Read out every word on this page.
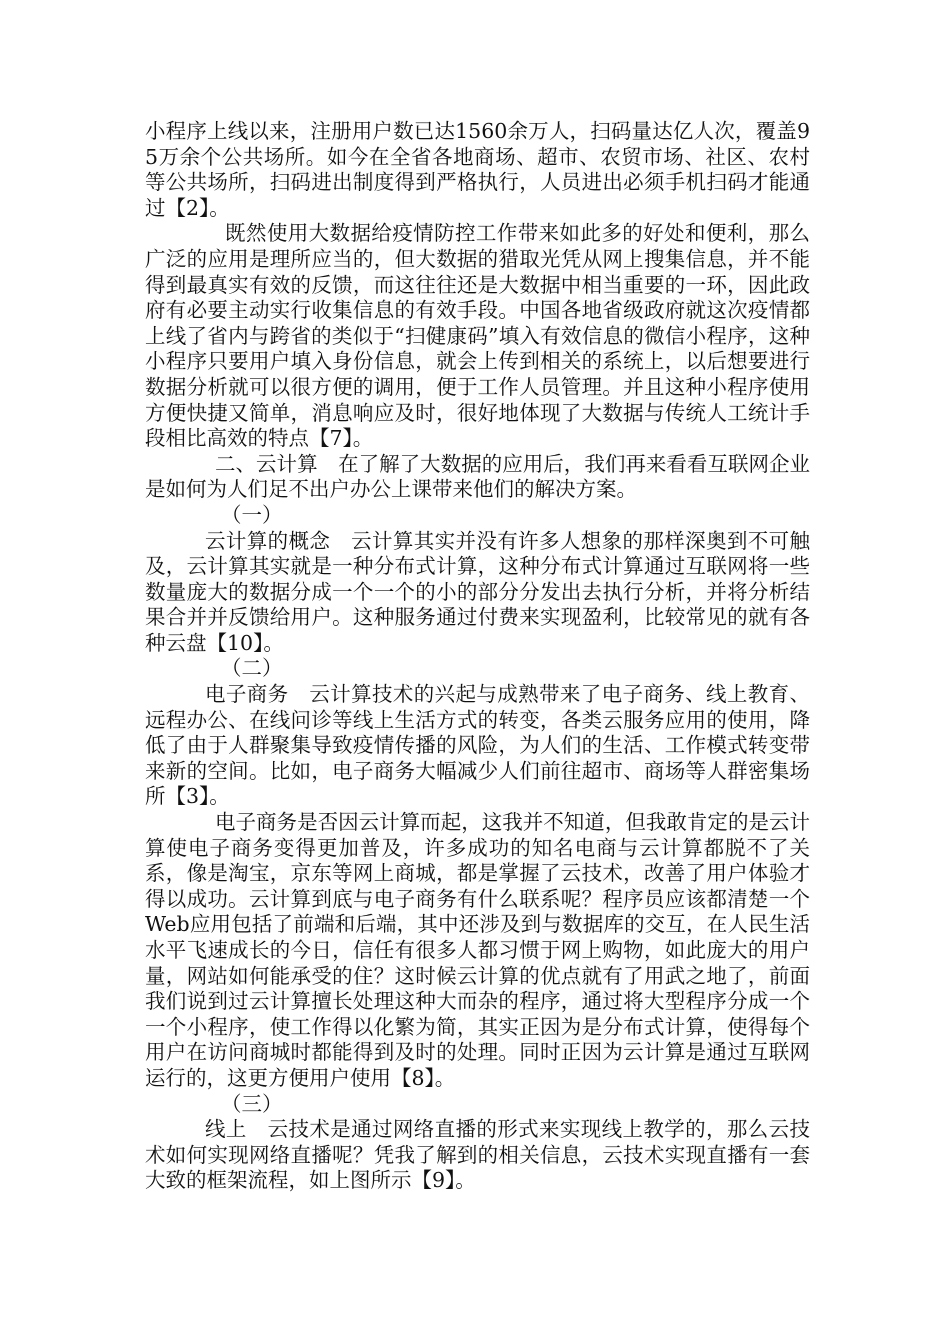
小程序上线以来，注册用户数已达1560余万人，扫码量达亿人次，覆盖95万余个公共场所。如今在全省各地商场、超市、农贸市场、社区、农村等公共场所，扫码进出制度得到严格执行，人员进出必须手机扫码才能通过【2】。

既然使用大数据给疫情防控工作带来如此多的好处和便利，那么广泛的应用是理所应当的，但大数据的猎取光凭从网上搜集信息，并不能得到最真实有效的反馈，而这往往还是大数据中相当重要的一环，因此政府有必要主动实行收集信息的有效手段。中国各地省级政府就这次疫情都上线了省内与跨省的类似于“扫健康码”填入有效信息的微信小程序，这种小程序只要用户填入身份信息，就会上传到相关的系统上，以后想要进行数据分析就可以很方便的调用，便于工作人员管理。并且这种小程序使用方便快捷又简单，消息响应及时，很好地体现了大数据与传统人工统计手段相比高效的特点【7】。

二、云计算　在了解了大数据的应用后，我们再来看看互联网企业是如何为人们足不出户办公上课带来他们的解决方案。

（一）

云计算的概念　云计算其实并没有许多人想象的那样深奥到不可触及，云计算其实就是一种分布式计算，这种分布式计算通过互联网将一些数量庞大的数据分成一个一个的小的部分分发出去执行分析，并将分析结果合并并反馈给用户。这种服务通过付费来实现盈利，比较常见的就有各种云盘【10】。

（二）

电子商务　云计算技术的兴起与成熟带来了电子商务、线上教育、远程办公、在线问诊等线上生活方式的转变，各类云服务应用的使用，降低了由于人群聚集导致疫情传播的风险，为人们的生活、工作模式转变带来新的空间。比如，电子商务大幅减少人们前往超市、商场等人群密集场所【3】。

电子商务是否因云计算而起，这我并不知道，但我敢肯定的是云计算使电子商务变得更加普及，许多成功的知名电商与云计算都脱不了关系，像是淘宝，京东等网上商城，都是掌握了云技术，改善了用户体验才得以成功。云计算到底与电子商务有什么联系呢？程序员应该都清楚一个Web应用包括了前端和后端，其中还涉及到与数据库的交互，在人民生活水平飞速成长的今日，信任有很多人都习惯于网上购物，如此庞大的用户量，网站如何能承受的住？这时候云计算的优点就有了用武之地了，前面我们说到过云计算擅长处理这种大而杂的程序，通过将大型程序分成一个一个小程序，使工作得以化繁为简，其实正因为是分布式计算，使得每个用户在访问商城时都能得到及时的处理。同时正因为云计算是通过互联网运行的，这更方便用户使用【8】。

（三）

线上　云技术是通过网络直播的形式来实现线上教学的，那么云技术如何实现网络直播呢？凭我了解到的相关信息，云技术实现直播有一套大致的框架流程，如上图所示【9】。
